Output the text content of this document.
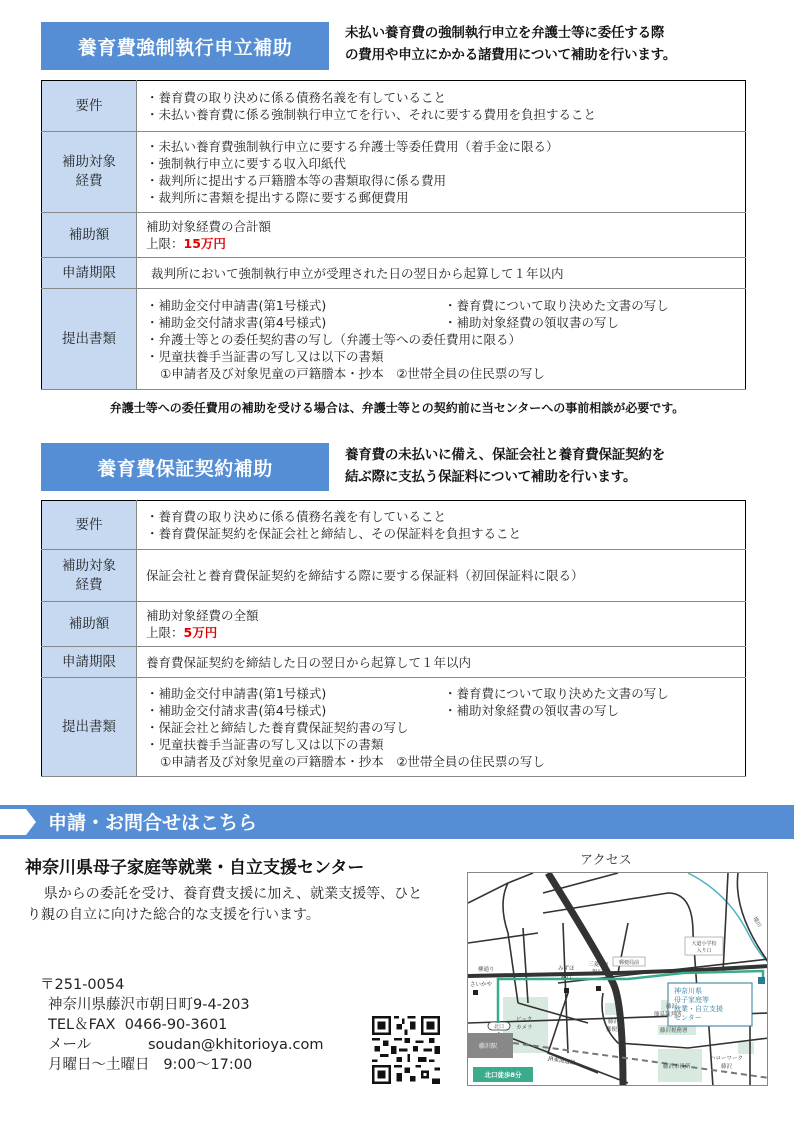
養育費強制執行申立補助
未払い養育費の強制執行申立を弁護士等に委任する際
の費用や申立にかかる諸費用について補助を行います。
要件	・養育費の取り決めに係る債務名義を有していること
・未払い養育費に係る強制執行申立てを行い、それに要する費用を負担すること

補助対象
経費

・未払い養育費強制執行申立に要する弁護士等委任費用（着手金に限る）
・強制執行申立に要する収入印紙代
・裁判所に提出する戸籍謄本等の書類取得に係る費用
・裁判所に書類を提出する際に要する郵便費用

補助額	補助対象経費の合計額
上限：15万円

申請期限	裁判所において強制執行申立が受理された日の翌日から起算して１年以内
提出書類	
・補助金交付申請書(第1号様式)	・養育費について取り決めた文書の写し
・補助金交付請求書(第4号様式)	・補助対象経費の領収書の写し
・弁護士等との委任契約書の写し（弁護士等への委任費用に限る）
・児童扶養手当証書の写し又は以下の書類
①申請者及び対象児童の戸籍謄本・抄本　②世帯全員の住民票の写し
弁護士等への委任費用の補助を受ける場合は、弁護士等との契約前に当センターへの事前相談が必要です。
養育費保証契約補助
養育費の未払いに備え、保証会社と養育費保証契約を
結ぶ際に支払う保証料について補助を行います。
要件	・養育費の取り決めに係る債務名義を有していること
・養育費保証契約を保証会社と締結し、その保証料を負担すること

補助対象
経費	保証会社と養育費保証契約を締結する際に要する保証料（初回保証料に限る）
補助額	補助対象経費の全額
上限：5万円

申請期限	養育費保証契約を締結した日の翌日から起算して１年以内
提出書類	
・補助金交付申請書(第1号様式)	・養育費について取り決めた文書の写し
・補助金交付請求書(第4号様式)	・補助対象経費の領収書の写し
・保証会社と締結した養育費保証契約書の写し
・児童扶養手当証書の写し又は以下の書類
①申請者及び対象児童の戸籍謄本・抄本　②世帯全員の住民票の写し
申請・お問合せはこちら
神奈川県母子家庭等就業・自立支援センター	アクセス
県からの委託を受け、養育費支援に加え、就業支援等、ひとり親の自立に向けた総合的な支援を行います。
〒251-0054
神奈川県藤沢市朝日町9-4-203
TEL＆FAX 0466-90-3601
メール	soudan@khitorioya.com
月曜日～土曜日 9:00～17:00
藤沢駅
北口
神奈川県
母子家庭等
就業・自立支援
センター
柳通り
さいかや
みずほ
銀行
三菱UFJ
銀行
ビック
カメラ
藤沢
郵便局
藤沢
簡易裁判所
藤沢税務署
藤沢市役所
ハローワーク
藤沢
JR東海道線
境川
国道467号線
大道小学校
入り口
郵便局前
北口徒歩8分
